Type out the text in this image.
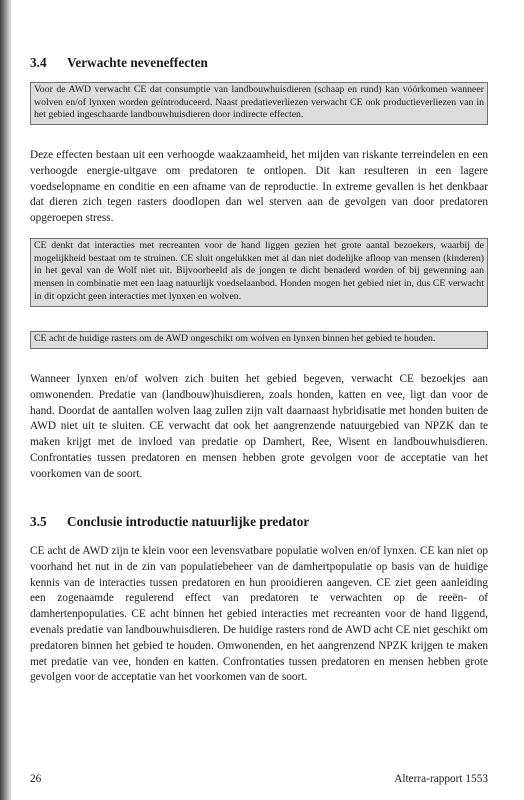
3.4 Verwachte neveneffecten
Voor de AWD verwacht CE dat consumptie van landbouwhuisdieren (schaap en rund) kan vóórkomen wanneer wolven en/of lynxen worden geïntroduceerd. Naast predatieverliezen verwacht CE ook productieverliezen van in het gebied ingeschaarde landbouwhuisdieren door indirecte effecten.

Deze effecten bestaan uit een verhoogde waakzaamheid, het mijden van riskante terreindelen en een verhoogde energie-uitgave om predatoren te ontlopen. Dit kan resulteren in een lagere voedselopname en conditie en een afname van de reproductie. In extreme gevallen is het denkbaar dat dieren zich tegen rasters doodlopen dan wel sterven aan de gevolgen van door predatoren opgeroepen stress.

CE denkt dat interacties met recreanten voor de hand liggen gezien het grote aantal bezoekers, waarbij de mogelijkheid bestaat om te struinen. CE sluit ongelukken met al dan niet dodelijke afloop van mensen (kinderen) in het geval van de Wolf niet uit. Bijvoorbeeld als de jongen te dicht benaderd worden of bij gewenning aan mensen in combinatie met een laag natuurlijk voedselaanbod. Honden mogen het gebied niet in, dus CE verwacht in dit opzicht geen interacties met lynxen en wolven.
CE acht de huidige rasters om de AWD ongeschikt om wolven en lynxen binnen het gebied te houden.

Wanneer lynxen en/of wolven zich buiten het gebied begeven, verwacht CE bezoekjes aan omwonenden. Predatie van (landbouw)huisdieren, zoals honden, katten en vee, ligt dan voor de hand. Doordat de aantallen wolven laag zullen zijn valt daarnaast hybridisatie met honden buiten de AWD niet uit te sluiten. CE verwacht dat ook het aangrenzende natuurgebied van NPZK dan te maken krijgt met de invloed van predatie op Damhert, Ree, Wisent en landbouwhuisdieren. Confrontaties tussen predatoren en mensen hebben grote gevolgen voor de acceptatie van het voorkomen van de soort.

3.5 Conclusie introductie natuurlijke predator

CE acht de AWD zijn te klein voor een levensvatbare populatie wolven en/of lynxen. CE kan niet op voorhand het nut in de zin van populatiebeheer van de damhertpopulatie op basis van de huidige kennis van de interacties tussen predatoren en hun prooidieren aangeven. CE ziet geen aanleiding een zogenaamde regulerend effect van predatoren te verwachten op de reeën- of damhertenpopulaties. CE acht binnen het gebied interacties met recreanten voor de hand liggend, evenals predatie van landbouwhuisdieren. De huidige rasters rond de AWD acht CE niet geschikt om predatoren binnen het gebied te houden. Omwonenden, en het aangrenzend NPZK krijgen te maken met predatie van vee, honden en katten. Confrontaties tussen predatoren en mensen hebben grote gevolgen voor de acceptatie van het voorkomen van de soort.

26	Alterra-rapport 1553
